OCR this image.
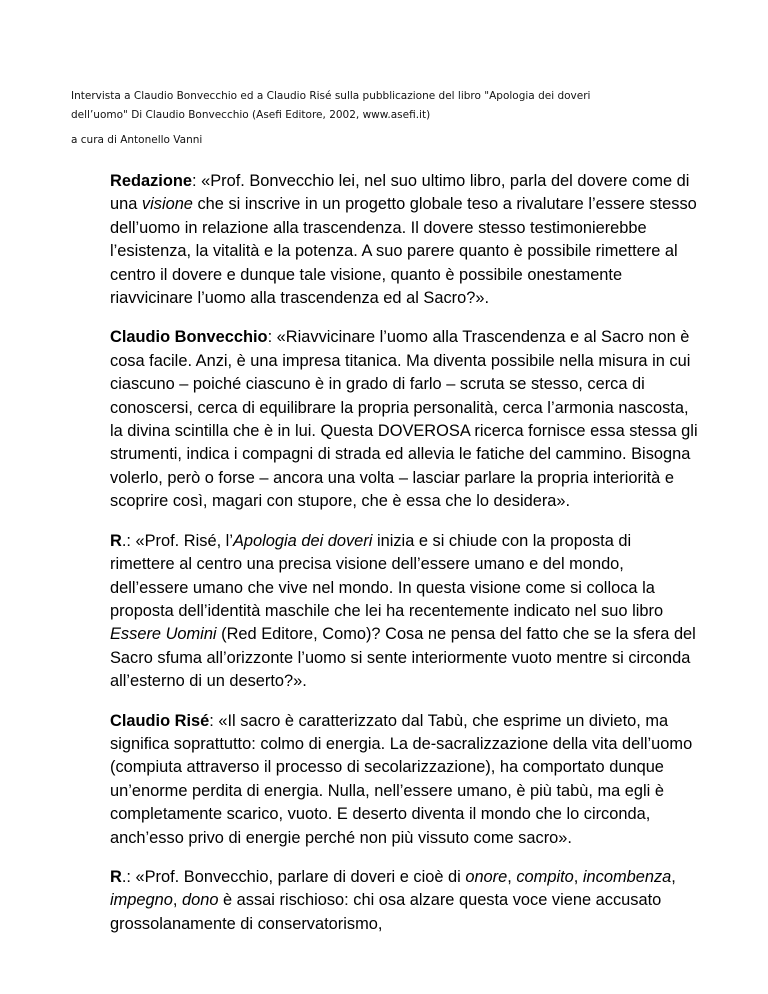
Intervista a Claudio Bonvecchio ed a Claudio Risé sulla pubblicazione del libro "Apologia dei doveri
dell’uomo" Di Claudio Bonvecchio (Asefi Editore, 2002, www.asefi.it)
a cura di Antonello Vanni

Redazione: «Prof. Bonvecchio lei, nel suo ultimo libro, parla del dovere come di una visione che si inscrive in un progetto globale teso a rivalutare l’essere stesso dell’uomo in relazione alla trascendenza. Il dovere stesso testimonierebbe l’esistenza, la vitalità e la potenza. A suo parere quanto è possibile rimettere al centro il dovere e dunque tale visione, quanto è possibile onestamente riavvicinare l’uomo alla trascendenza ed al Sacro?».

Claudio Bonvecchio: «Riavvicinare l’uomo alla Trascendenza e al Sacro non è cosa facile. Anzi, è una impresa titanica. Ma diventa possibile nella misura in cui ciascuno – poiché ciascuno è in grado di farlo – scruta se stesso, cerca di conoscersi, cerca di equilibrare la propria personalità, cerca l’armonia nascosta, la divina scintilla che è in lui. Questa DOVEROSA ricerca fornisce essa stessa gli strumenti, indica i compagni di strada ed allevia le fatiche del cammino. Bisogna volerlo, però o forse – ancora una volta – lasciar parlare la propria interiorità e scoprire così, magari con stupore, che è essa che lo desidera».

R.: «Prof. Risé, l’Apologia dei doveri inizia e si chiude con la proposta di rimettere al centro una precisa visione dell’essere umano e del mondo, dell’essere umano che vive nel mondo. In questa visione come si colloca la proposta dell’identità maschile che lei ha recentemente indicato nel suo libro Essere Uomini (Red Editore, Como)? Cosa ne pensa del fatto che se la sfera del Sacro sfuma all’orizzonte l’uomo si sente interiormente vuoto mentre si circonda all’esterno di un deserto?».

Claudio Risé: «Il sacro è caratterizzato dal Tabù, che esprime un divieto, ma significa soprattutto: colmo di energia. La de-sacralizzazione della vita dell’uomo (compiuta attraverso il processo di secolarizzazione), ha comportato dunque un’enorme perdita di energia. Nulla, nell’essere umano, è più tabù, ma egli è completamente scarico, vuoto. E deserto diventa il mondo che lo circonda, anch’esso privo di energie perché non più vissuto come sacro».

R.: «Prof. Bonvecchio, parlare di doveri e cioè di onore, compito, incombenza, impegno, dono è assai rischioso: chi osa alzare questa voce viene accusato grossolanamente di conservatorismo,
